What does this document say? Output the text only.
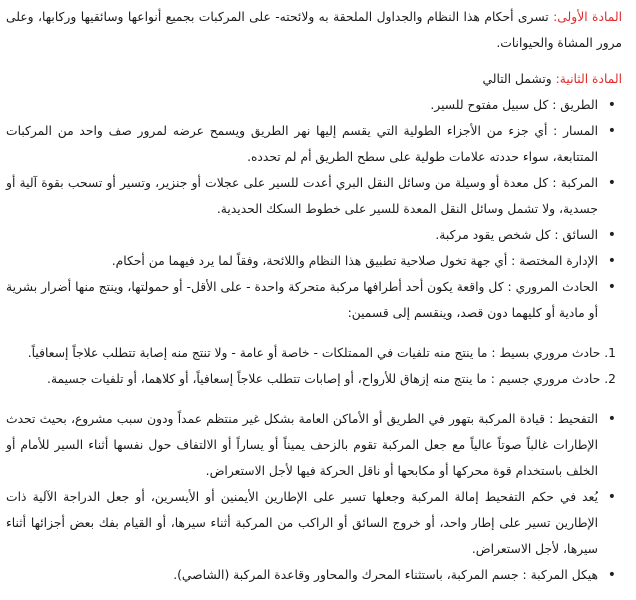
المادة الأولى: تسرى أحكام هذا النظام والجداول الملحقة به ولائحته- على المركبات بجميع أنواعها وسائقيها وركابها، وعلى مرور المشاة والحيوانات.

المادة الثانية: وتشمل التالي

• الطريق : كل سبيل مفتوح للسير.
• المسار : أي جزء من الأجزاء الطولية التي يقسم إليها نهر الطريق ويسمح عرضه لمرور صف واحد من المركبات المتتابعة، سواء حددته علامات طولية على سطح الطريق أم لم تحدده.
• المركبة : كل معدة أو وسيلة من وسائل النقل البري أعدت للسير على عجلات أو جنزير، وتسير أو تسحب بقوة آلية أو جسدية، ولا تشمل وسائل النقل المعدة للسير على خطوط السكك الحديدية.
• السائق : كل شخص يقود مركبة.
• الإدارة المختصة : أي جهة تخول صلاحية تطبيق هذا النظام واللائحة، وفقاً لما يرد فيهما من أحكام.
• الحادث المروري : كل واقعة يكون أحد أطرافها مركبة متحركة واحدة - على الأقل- أو حمولتها، وينتج منها أضرار بشرية أو مادية أو كليهما دون قصد، وينقسم إلى قسمين:
1. حادث مروري بسيط : ما ينتج منه تلفيات في الممتلكات - خاصة أو عامة - ولا تنتج منه إصابة تتطلب علاجاً إسعافياً.
2. حادث مروري جسيم : ما ينتج منه إزهاق للأرواح، أو إصابات تتطلب علاجاً إسعافياً، أو كلاهما، أو تلفيات جسيمة.
• التفحيط : قيادة المركبة بتهور في الطريق أو الأماكن العامة بشكل غير منتظم عمداً ودون سبب مشروع، بحيث تحدث الإطارات غالباً صوتاً عالياً مع جعل المركبة تقوم بالزحف يميناً أو يساراً أو الالتفاف حول نفسها أثناء السير للأمام أو الخلف باستخدام قوة محركها أو مكابحها أو ناقل الحركة فيها لأجل الاستعراض.
• يُعد في حكم التفحيط إمالة المركبة وجعلها تسير على الإطارين الأيمنين أو الأيسرين، أو جعل الدراجة الآلية ذات الإطارين تسير على إطار واحد، أو خروج السائق أو الراكب من المركبة أثناء سيرها، أو القيام بفك بعض أجزائها أثناء سيرها، لأجل الاستعراض.
• هيكل المركبة : جسم المركبة، باستثناء المحرك والمحاور وقاعدة المركبة (الشاصي).
